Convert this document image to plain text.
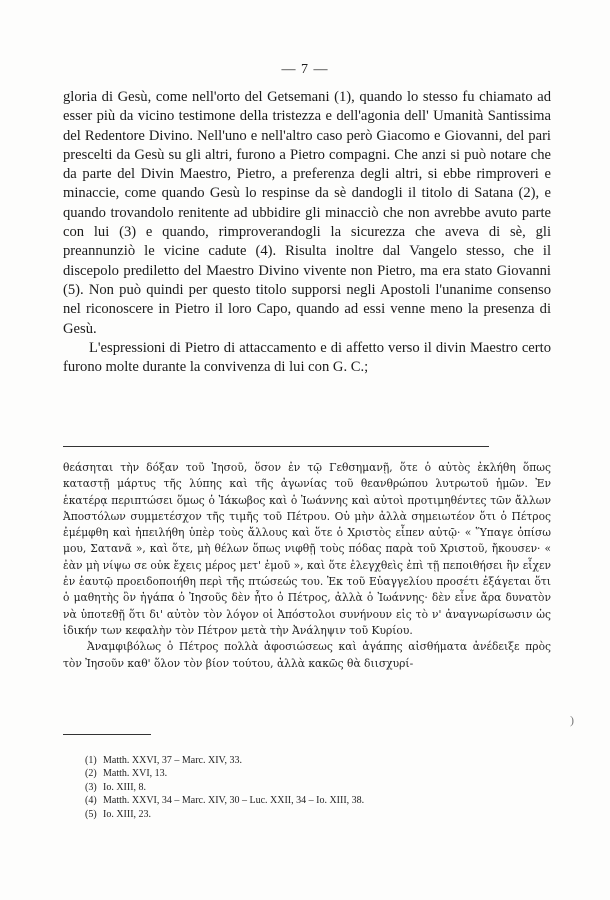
— 7 —

gloria di Gesù, come nell'orto del Getsemani (1), quando lo stesso fu chiamato ad esser più da vicino testimone della tristezza e dell'agonia dell' Umanità Santissima del Redentore Divino. Nell'uno e nell'altro caso però Giacomo e Giovanni, del pari prescelti da Gesù su gli altri, furono a Pietro compagni. Che anzi si può notare che da parte del Divin Maestro, Pietro, a preferenza degli altri, si ebbe rimproveri e minaccie, come quando Gesù lo respinse da sè dandogli il titolo di Satana (2), e quando trovandolo renitente ad ubbidire gli minacciò che non avrebbe avuto parte con lui (3) e quando, rimproverandogli la sicurezza che aveva di sè, gli preannunziò le vicine cadute (4). Risulta inoltre dal Vangelo stesso, che il discepolo prediletto del Maestro Divino vivente non Pietro, ma era stato Giovanni (5). Non può quindi per questo titolo supporsi negli Apostoli l'unanime consenso nel riconoscere in Pietro il loro Capo, quando ad essi venne meno la presenza di Gesù.

L'espressioni di Pietro di attaccamento e di affetto verso il divin Maestro certo furono molte durante la convivenza di lui con G. C.;

θεάσηται τὴν δόξαν τοῦ Ἰησοῦ, ὅσον ἐν τῷ Γεθσημανῇ, ὅτε ὁ αὐτὸς ἐκλήθη ὅπως καταστῇ μάρτυς τῆς λύπης καὶ τῆς ἀγωνίας τοῦ θεανθρώπου λυτρωτοῦ ἡμῶν. Ἐν ἑκατέρᾳ περιπτώσει ὅμως ὁ Ἰάκωβος καὶ ὁ Ἰωάννης καὶ αὐτοὶ προτιμηθέντες τῶν ἄλλων Ἀποστόλων συμμετέσχον τῆς τιμῆς τοῦ Πέτρου. Οὐ μὴν ἀλλὰ σημειωτέον ὅτι ὁ Πέτρος ἐμέμφθη καὶ ἠπειλήθη ὑπὲρ τοὺς ἄλλους καὶ ὅτε ὁ Χριστὸς εἶπεν αὐτῷ· « Ὕπαγε ὀπίσω μου, Σατανᾶ », καὶ ὅτε, μὴ θέλων ὅπως νιφθῇ τοὺς πόδας παρὰ τοῦ Χριστοῦ, ἤκουσεν· « ἐὰν μὴ νίψω σε οὐκ ἔχεις μέρος μετ' ἐμοῦ », καὶ ὅτε ἐλεγχθεὶς ἐπὶ τῇ πεποιθήσει ἣν εἶχεν ἐν ἑαυτῷ προειδοποιήθη περὶ τῆς πτώσεώς του. Ἐκ τοῦ Εὐαγγελίου προσέτι ἐξάγεται ὅτι ὁ μαθητὴς ὃν ἠγάπα ὁ Ἰησοῦς δὲν ἦτο ὁ Πέτρος, ἀλλὰ ὁ Ἰωάννης· δὲν εἶνε ἄρα δυνατὸν νὰ ὑποτεθῇ ὅτι δι' αὐτὸν τὸν λόγον οἱ Ἀπόστολοι συνήνουν εἰς τὸ ν' ἀναγνωρίσωσιν ὡς ἰδικήν των κεφαλὴν τὸν Πέτρον μετὰ τὴν Ἀνάληψιν τοῦ Κυρίου.

Ἀναμφιβόλως ὁ Πέτρος πολλὰ ἀφοσιώσεως καὶ ἀγάπης αἰσθήματα ἀνέδειξε πρὸς τὸν Ἰησοῦν καθ' ὅλον τὸν βίον τούτου, ἀλλὰ κακῶς θὰ διισχυρί-

)
(1) Matth. XXVI, 37 – Marc. XIV, 33.
(2) Matth. XVI, 13.
(3) Io. XIII, 8.
(4) Matth. XXVI, 34 – Marc. XIV, 30 – Luc. XXII, 34 – Io. XIII, 38.
(5) Io. XIII, 23.
